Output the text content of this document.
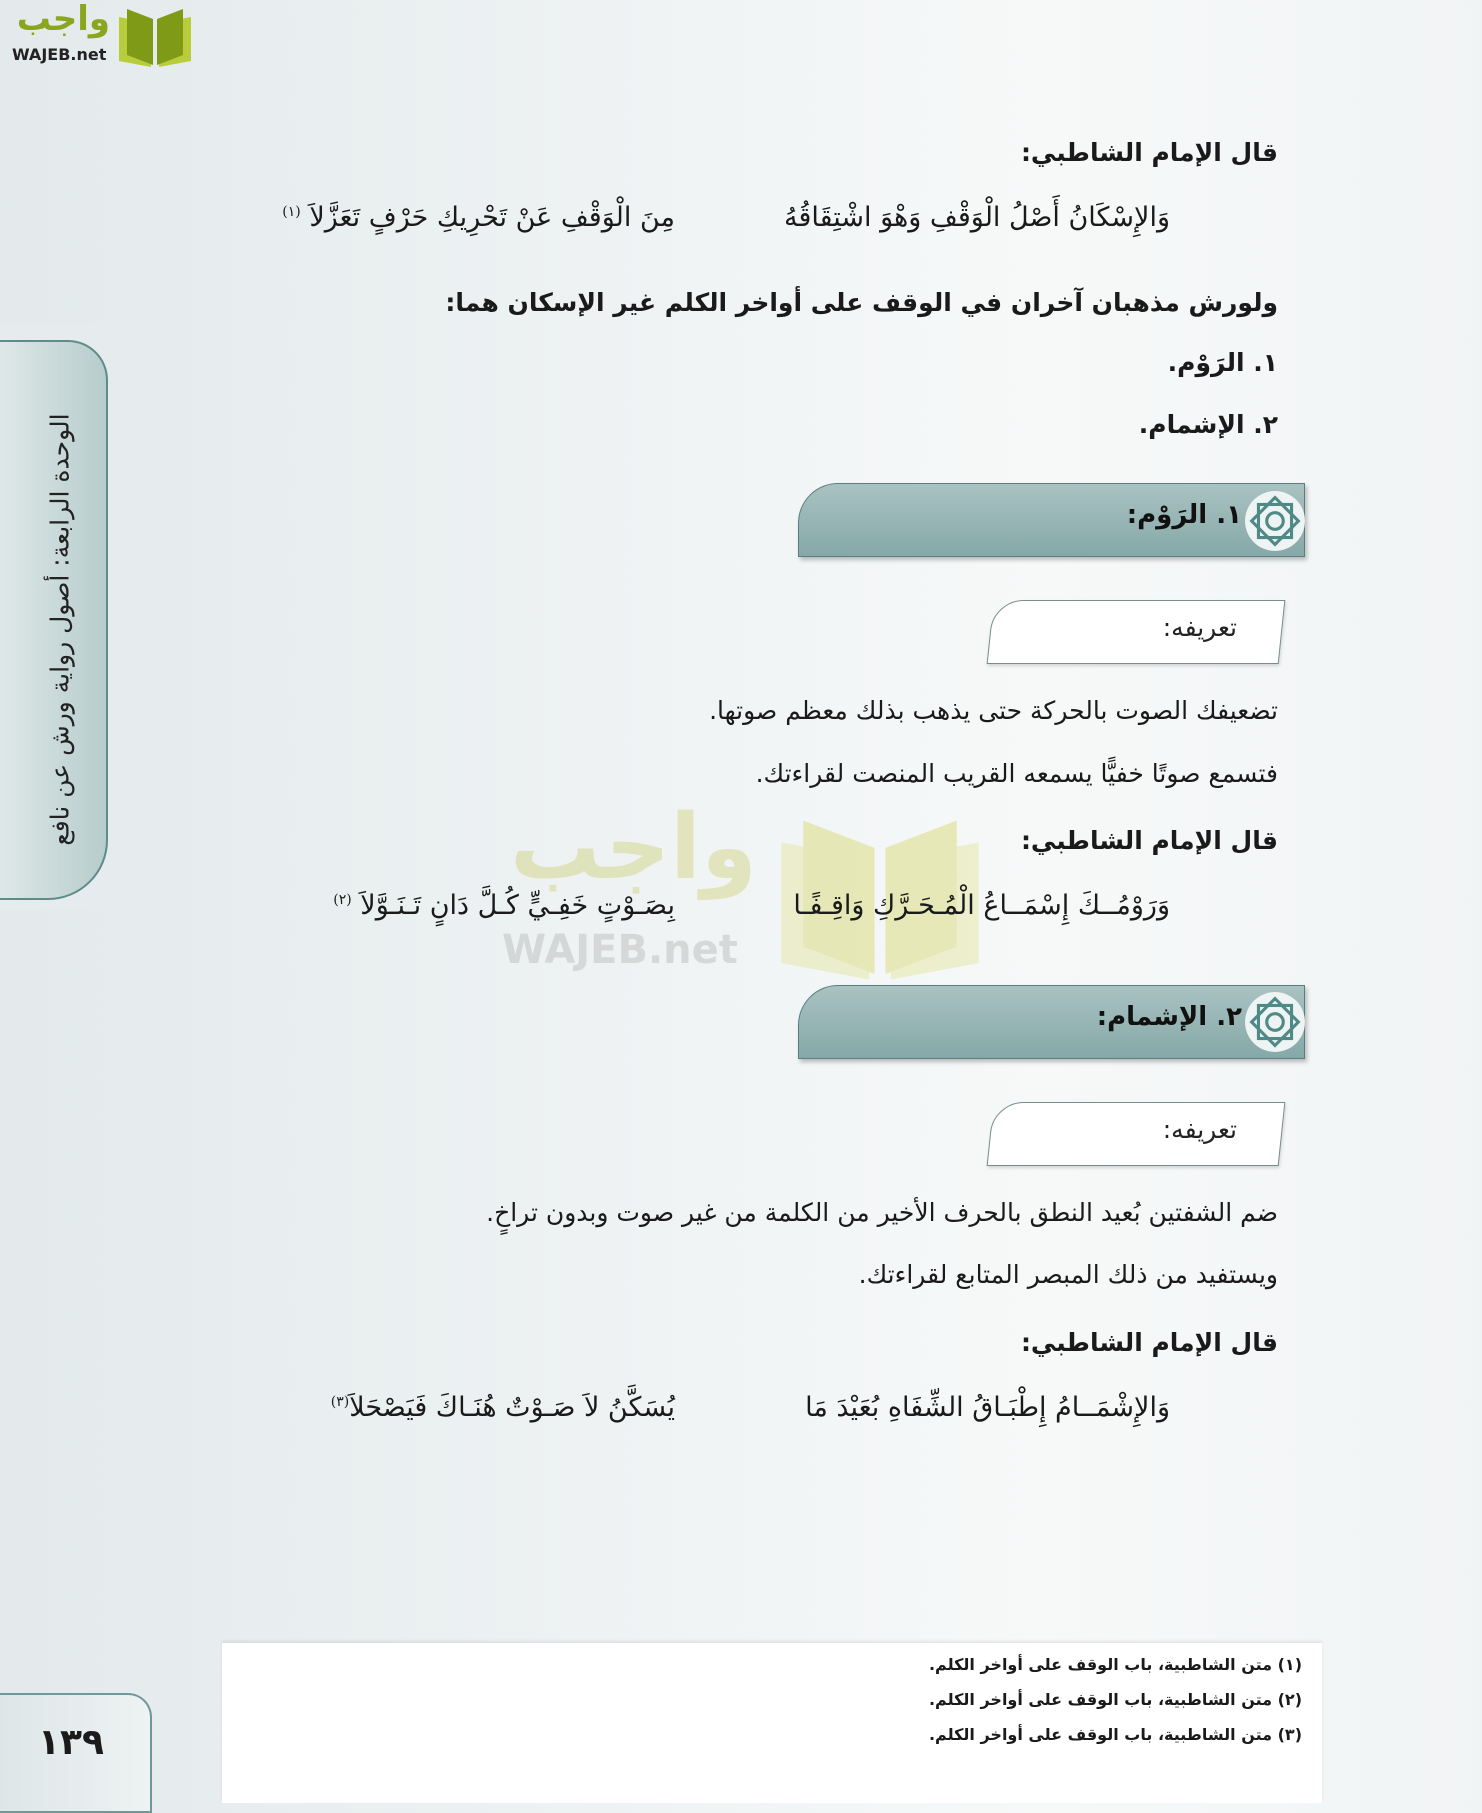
واجب
WAJEB.net
الوحدة الرابعة: أصول رواية ورش عن نافع
واجب
WAJEB.net
قال الإمام الشاطبي:
وَالإِسْكَانُ أَصْلُ الْوَقْفِ وَهْوَ اشْتِقَاقُهُ
مِنَ الْوَقْفِ عَنْ تَحْرِيكِ حَرْفٍ تَعَزَّلاَ $^{(١)}$
ولورش مذهبان آخران في الوقف على أواخر الكلم غير الإسكان هما:
١. الرَوْم.
٢. الإشمام.
١. الرَوْم:
تعريفه:
تضعيفك الصوت بالحركة حتى يذهب بذلك معظم صوتها.
فتسمع صوتًا خفيًّا يسمعه القريب المنصت لقراءتك.
قال الإمام الشاطبي:
وَرَوْمُــكَ إِسْمَــاعُ الْمُـحَـرَّكِ وَاقِـفًـا
بِصَـوْتٍ خَفِـيٍّ كُـلَّ دَانٍ تَـنَـوَّلاَ $^{(٢)}$
٢. الإشمام:
تعريفه:
ضم الشفتين بُعيد النطق بالحرف الأخير من الكلمة من غير صوت وبدون تراخٍ.
ويستفيد من ذلك المبصر المتابع لقراءتك.
قال الإمام الشاطبي:
وَالإِشْمَــامُ إِطْبَـاقُ الشِّفَاهِ بُعَيْدَ مَا
يُسَكَّنُ لاَ صَـوْتٌ هُنَـاكَ فَيَصْحَلاَ$^{(٣)}$
(١) متن الشاطبية، باب الوقف على أواخر الكلم.
(٢) متن الشاطبية، باب الوقف على أواخر الكلم.
(٣) متن الشاطبية، باب الوقف على أواخر الكلم.
١٣٩
